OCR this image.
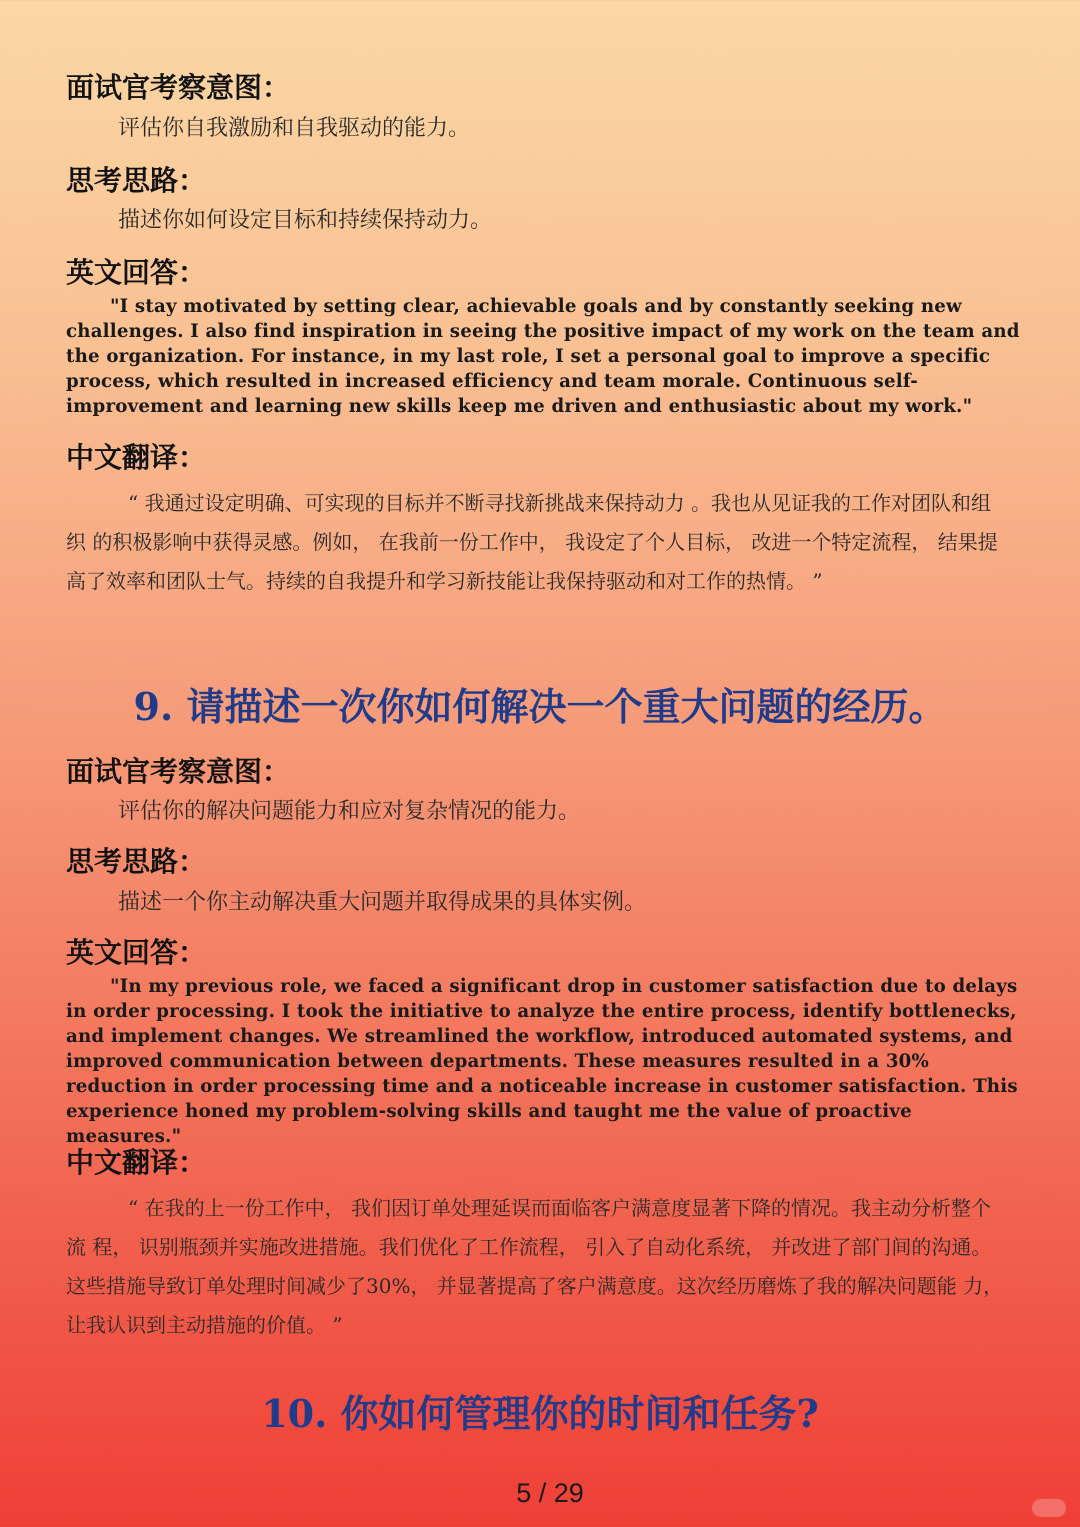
面试官考察意图：
评估你自我激励和自我驱动的能力。
思考思路：
描述你如何设定目标和持续保持动力。
英文回答：
"I stay motivated by setting clear, achievable goals and by constantly seeking new challenges. I also find inspiration in seeing the positive impact of my work on the team and the organization. For instance, in my last role, I set a personal goal to improve a specific process, which resulted in increased efficiency and team morale. Continuous self-improvement and learning new skills keep me driven and enthusiastic about my work."
中文翻译：
“ 我通过设定明确、可实现的目标并不断寻找新挑战来保持动力 。我也从见证我的工作对团队和组织 的积极影响中获得灵感。例如， 在我前一份工作中， 我设定了个人目标， 改进一个特定流程， 结果提 高了效率和团队士气。持续的自我提升和学习新技能让我保持驱动和对工作的热情。 ”
9. 请描述一次你如何解决一个重大问题的经历。
面试官考察意图：
评估你的解决问题能力和应对复杂情况的能力。
思考思路：
描述一个你主动解决重大问题并取得成果的具体实例。
英文回答：
"In my previous role, we faced a significant drop in customer satisfaction due to delays in order processing. I took the initiative to analyze the entire process, identify bottlenecks, and implement changes. We streamlined the workflow, introduced automated systems, and improved communication between departments. These measures resulted in a 30% reduction in order processing time and a noticeable increase in customer satisfaction. This experience honed my problem-solving skills and taught me the value of proactive measures."
中文翻译：
“ 在我的上一份工作中， 我们因订单处理延误而面临客户满意度显著下降的情况。我主动分析整个流 程， 识别瓶颈并实施改进措施。我们优化了工作流程， 引入了自动化系统， 并改进了部门间的沟通。 这些措施导致订单处理时间减少了30%， 并显著提高了客户满意度。这次经历磨炼了我的解决问题能 力， 让我认识到主动措施的价值。 ”
10. 你如何管理你的时间和任务?
5 / 29
